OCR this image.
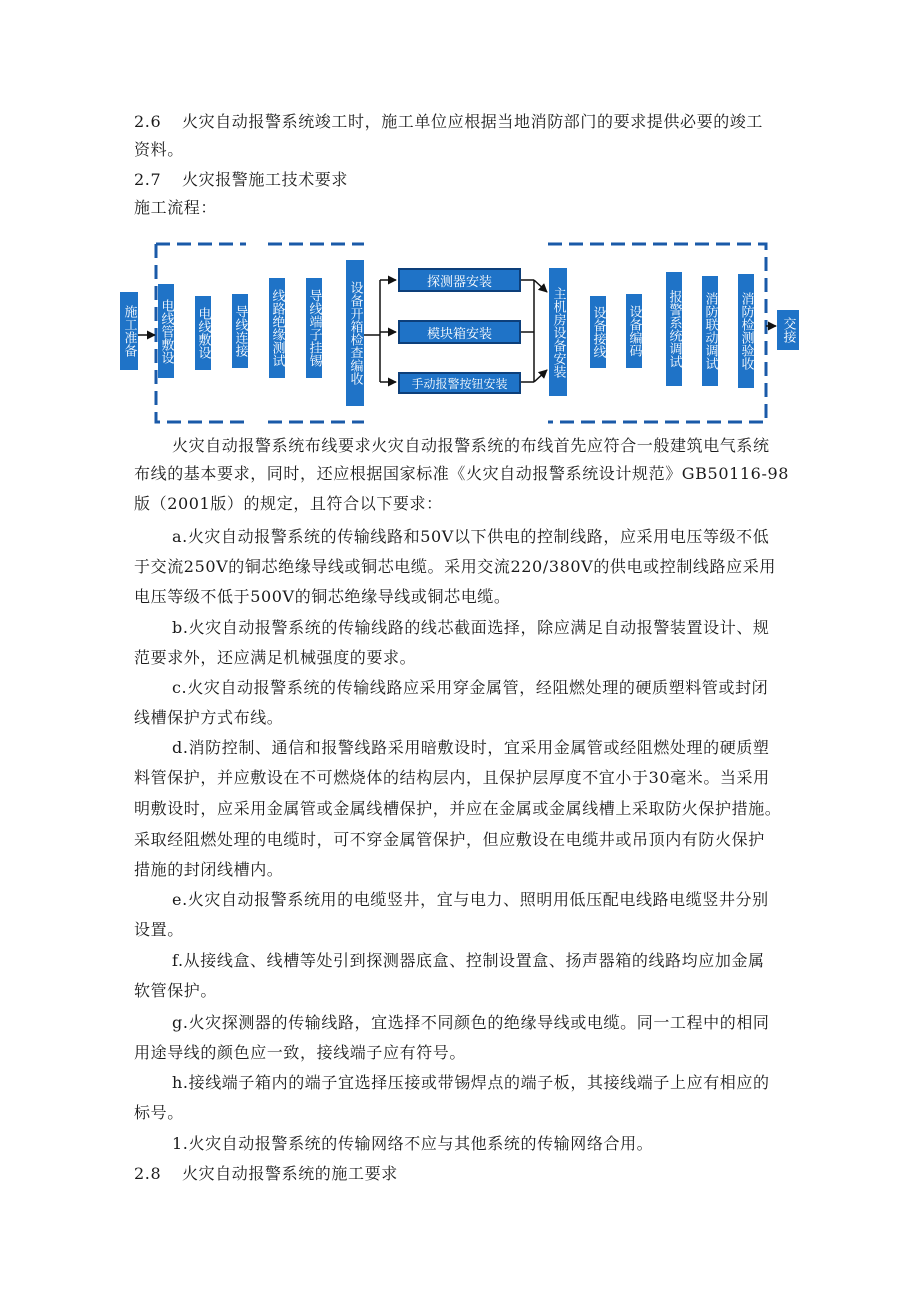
2.6 火灾自动报警系统竣工时，施工单位应根据当地消防部门的要求提供必要的竣工
资料。
2.7 火灾报警施工技术要求
施工流程：
施工准备 电线管敷设 电线敷设 导线连接 线路绝缘测试 导线端子挂锡 设备开箱检查编收	探测器安装
模块箱安装
手动报警按钮安装
主机房设备安装 设备接线 设备编码 报警系统调试 消防联动调试 消防检测验收 交接
火灾自动报警系统布线要求火灾自动报警系统的布线首先应符合一般建筑电气系统
布线的基本要求，同时，还应根据国家标准《火灾自动报警系统设计规范》GB50116-98
版（2001版）的规定，且符合以下要求：
a.火灾自动报警系统的传输线路和50V以下供电的控制线路，应采用电压等级不低
于交流250V的铜芯绝缘导线或铜芯电缆。采用交流220/380V的供电或控制线路应采用
电压等级不低于500V的铜芯绝缘导线或铜芯电缆。
b.火灾自动报警系统的传输线路的线芯截面选择，除应满足自动报警装置设计、规
范要求外，还应满足机械强度的要求。
c.火灾自动报警系统的传输线路应采用穿金属管，经阻燃处理的硬质塑料管或封闭
线槽保护方式布线。
d.消防控制、通信和报警线路采用暗敷设时，宜采用金属管或经阻燃处理的硬质塑
料管保护，并应敷设在不可燃烧体的结构层内，且保护层厚度不宜小于30毫米。当采用
明敷设时，应采用金属管或金属线槽保护，并应在金属或金属线槽上采取防火保护措施。
采取经阻燃处理的电缆时，可不穿金属管保护，但应敷设在电缆井或吊顶内有防火保护
措施的封闭线槽内。
e.火灾自动报警系统用的电缆竖井，宜与电力、照明用低压配电线路电缆竖井分别
设置。
f.从接线盒、线槽等处引到探测器底盒、控制设置盒、扬声器箱的线路均应加金属
软管保护。
g.火灾探测器的传输线路，宜选择不同颜色的绝缘导线或电缆。同一工程中的相同
用途导线的颜色应一致，接线端子应有符号。
h.接线端子箱内的端子宜选择压接或带锡焊点的端子板，其接线端子上应有相应的
标号。
1.火灾自动报警系统的传输网络不应与其他系统的传输网络合用。
2.8 火灾自动报警系统的施工要求
